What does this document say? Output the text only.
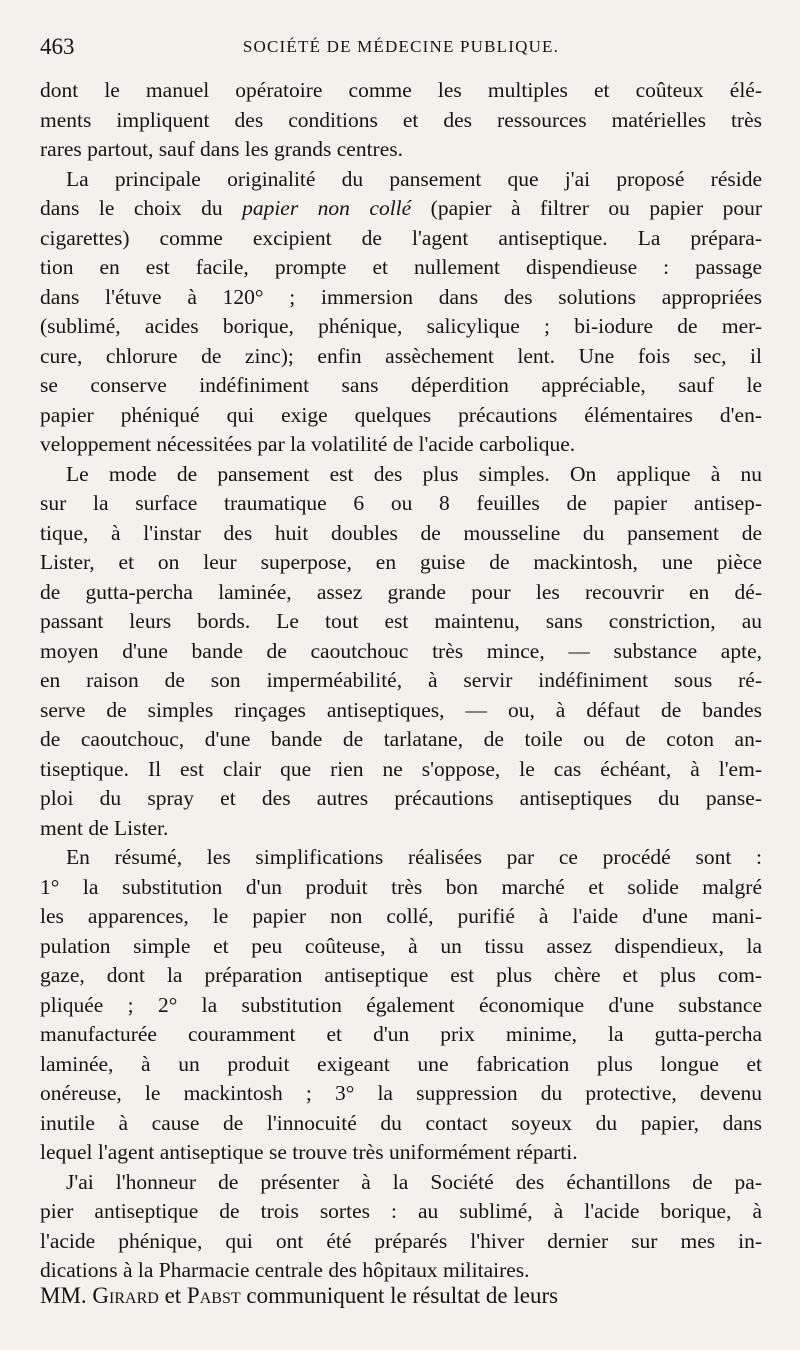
463	SOCIÉTÉ DE MÉDECINE PUBLIQUE.

dont le manuel opératoire comme les multiples et coûteux élé-
ments impliquent des conditions et des ressources matérielles très
rares partout, sauf dans les grands centres.

La principale originalité du pansement que j'ai proposé réside
dans le choix du papier non collé (papier à filtrer ou papier pour
cigarettes) comme excipient de l'agent antiseptique. La prépara-
tion en est facile, prompte et nullement dispendieuse : passage
dans l'étuve à 120° ; immersion dans des solutions appropriées
(sublimé, acides borique, phénique, salicylique ; bi-iodure de mer-
cure, chlorure de zinc); enfin assèchement lent. Une fois sec, il
se conserve indéfiniment sans déperdition appréciable, sauf le
papier phéniqué qui exige quelques précautions élémentaires d'en-
veloppement nécessitées par la volatilité de l'acide carbolique.

Le mode de pansement est des plus simples. On applique à nu
sur la surface traumatique 6 ou 8 feuilles de papier antisep-
tique, à l'instar des huit doubles de mousseline du pansement de
Lister, et on leur superpose, en guise de mackintosh, une pièce
de gutta-percha laminée, assez grande pour les recouvrir en dé-
passant leurs bords. Le tout est maintenu, sans constriction, au
moyen d'une bande de caoutchouc très mince, — substance apte,
en raison de son imperméabilité, à servir indéfiniment sous ré-
serve de simples rinçages antiseptiques, — ou, à défaut de bandes
de caoutchouc, d'une bande de tarlatane, de toile ou de coton an-
tiseptique. Il est clair que rien ne s'oppose, le cas échéant, à l'em-
ploi du spray et des autres précautions antiseptiques du panse-
ment de Lister.

En résumé, les simplifications réalisées par ce procédé sont :
1° la substitution d'un produit très bon marché et solide malgré
les apparences, le papier non collé, purifié à l'aide d'une mani-
pulation simple et peu coûteuse, à un tissu assez dispendieux, la
gaze, dont la préparation antiseptique est plus chère et plus com-
pliquée ; 2° la substitution également économique d'une substance
manufacturée couramment et d'un prix minime, la gutta-percha
laminée, à un produit exigeant une fabrication plus longue et
onéreuse, le mackintosh ; 3° la suppression du protective, devenu
inutile à cause de l'innocuité du contact soyeux du papier, dans
lequel l'agent antiseptique se trouve très uniformément réparti.

J'ai l'honneur de présenter à la Société des échantillons de pa-
pier antiseptique de trois sortes : au sublimé, à l'acide borique, à
l'acide phénique, qui ont été préparés l'hiver dernier sur mes in-
dications à la Pharmacie centrale des hôpitaux militaires.

MM. Girard et Pabst communiquent le résultat de leurs
